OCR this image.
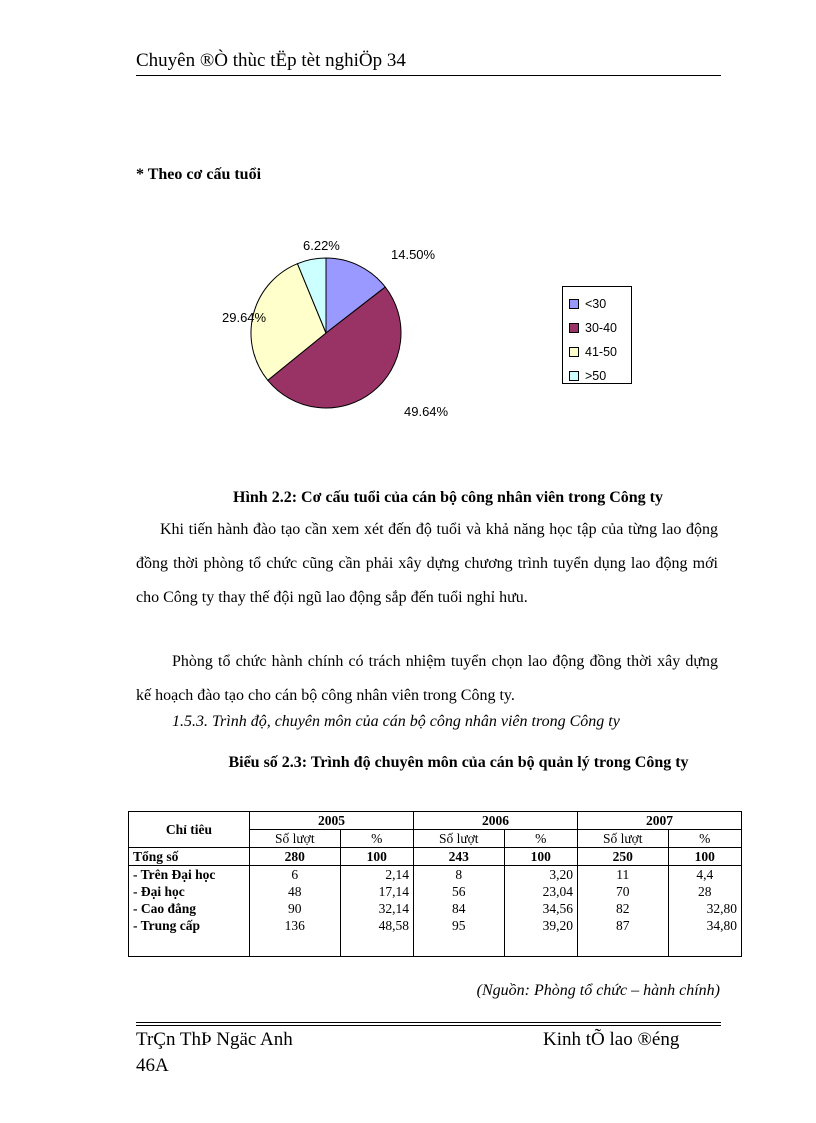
Chuyên ®Ò thùc tËp tèt nghiÖp 34
* Theo cơ cấu tuổi
14.50%
49.64%
29.64%
6.22%
<30
30-40
41-50
>50
Hình 2.2: Cơ cấu tuổi của cán bộ công nhân viên trong Công ty
Khi tiến hành đào tạo cần xem xét đến độ tuổi và khả năng học tập của từng lao động đồng thời phòng tổ chức cũng cần phải xây dựng chương trình tuyển dụng lao động mới cho Công ty thay thế đội ngũ lao động sắp đến tuổi nghỉ hưu.
Phòng tổ chức hành chính có trách nhiệm tuyển chọn lao động đồng thời xây dựng kế hoạch đào tạo cho cán bộ công nhân viên trong Công ty.
1.5.3. Trình độ, chuyên môn của cán bộ công nhân viên trong Công ty
Biểu số 2.3: Trình độ chuyên môn của cán bộ quản lý trong Công ty
Chỉ tiêu	2005		2006		2007	
	Số lượt	%	Số lượt	%	Số lượt	%
Tổng số	280	100	243	100	250	100
- Trên Đại học	6	2,14	8	3,20	11	4,4
- Đại học	48	17,14	56	23,04	70	28
- Cao đẳng	90	32,14	84	34,56	82	32,80
- Trung cấp	136	48,58	95	39,20	87	34,80

(Nguồn: Phòng tổ chức – hành chính)
TrÇn ThÞ Ngäc Anh
46A
Kinh tÕ lao ®éng
